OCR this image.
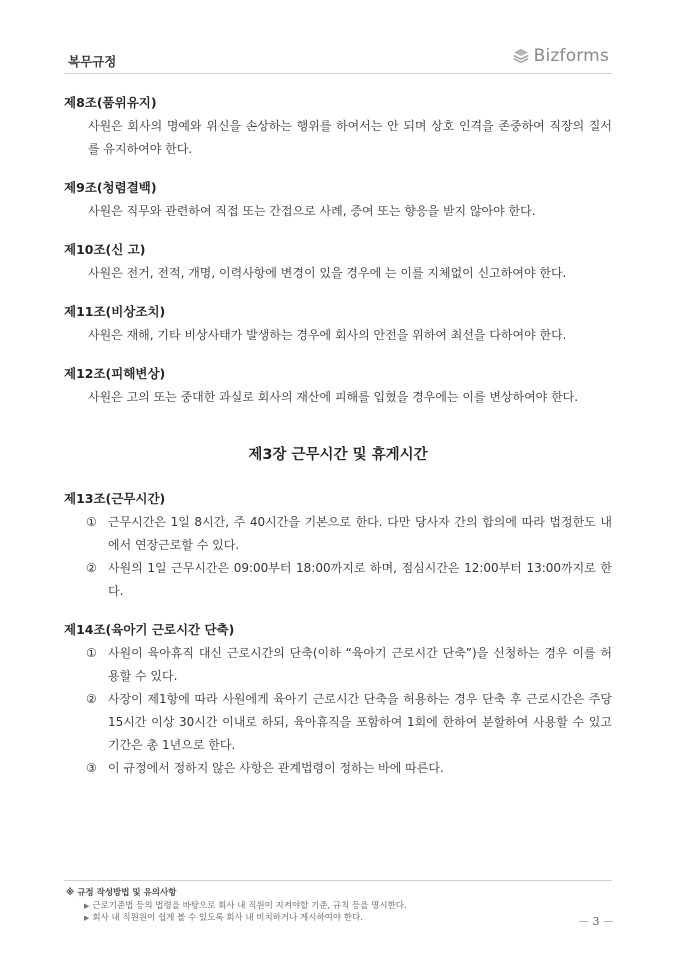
복무규정	Bizforms
제8조(품위유지)
사원은 회사의 명예와 위신을 손상하는 행위를 하여서는 안 되며 상호 인격을 존중하여 직장의 질서를 유지하여야 한다.
제9조(청렴결백)
사원은 직무와 관련하여 직접 또는 간접으로 사례, 증여 또는 향응을 받지 않아야 한다.
제10조(신 고)
사원은 전거, 전적, 개명, 이력사항에 변경이 있을 경우에 는 이를 지체없이 신고하여야 한다.
제11조(비상조치)
사원은 재해, 기타 비상사태가 발생하는 경우에 회사의 안전을 위하여 최선을 다하여야 한다.
제12조(피해변상)
사원은 고의 또는 중대한 과실로 회사의 재산에 피해를 입혔을 경우에는 이를 변상하여야 한다.
제3장 근무시간 및 휴게시간
제13조(근무시간)
① 근무시간은 1일 8시간, 주 40시간을 기본으로 한다. 다만 당사자 간의 합의에 따라 법정한도 내에서 연장근로할 수 있다.
② 사원의 1일 근무시간은 09:00부터 18:00까지로 하며, 점심시간은 12:00부터 13:00까지로 한다.
제14조(육아기 근로시간 단축)
① 사원이 육아휴직 대신 근로시간의 단축(이하 “육아기 근로시간 단축”)을 신청하는 경우 이를 허용할 수 있다.
② 사장이 제1항에 따라 사원에게 육아기 근로시간 단축을 허용하는 경우 단축 후 근로시간은 주당 15시간 이상 30시간 이내로 하되, 육아휴직을 포함하여 1회에 한하여 분할하여 사용할 수 있고 기간은 총 1년으로 한다.
③ 이 규정에서 정하지 않은 사항은 관계법령이 정하는 바에 따른다.
※ 규정 작성방법 및 유의사항
▶ 근로기준법 등의 법령을 바탕으로 회사 내 직원이 지켜야할 기준, 규칙 등을 명시한다.
▶ 회사 내 직원원이 쉽게 볼 수 있도록 회사 내 비치하거나 게시하여야 한다.	－ 3 －
